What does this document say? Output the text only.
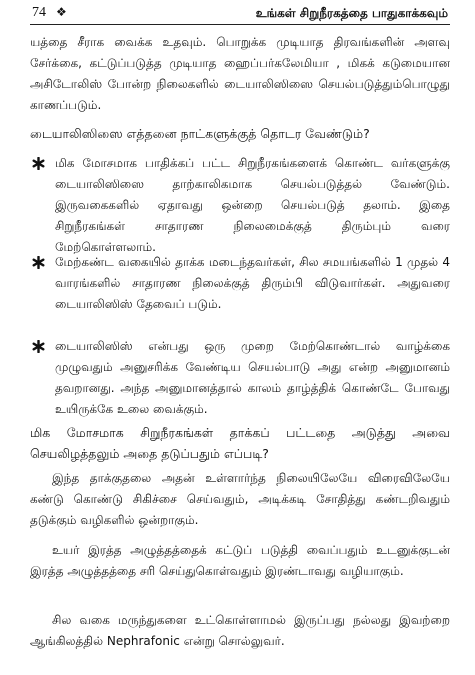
74 ❖	உங்கள் சிறுநீரகத்தை பாதுகாக்கவும்
யத்தை சீராக வைக்க உதவும். பொறுக்க முடியாத திரவங்களின் அளவு சேர்க்கை, கட்டுப்படுத்த முடியாத ஹைப்பர்கலேமியா , மிகக் கடுமையான அசிடோலிஸ் போன்ற நிலைகளில் டையாலிஸிஸை செயல்படுத்தும்பொழுது காணப்படும்.
டையாலிஸிஸை எத்தனை நாட்களுக்குத் தொடர வேண்டும்?
மிக மோசமாக பாதிக்கப் பட்ட சிறுநீரகங்களைக் கொண்ட வர்களுக்கு டையாலிஸிஸை தாற்காலிகமாக செயல்படுத்தல் வேண்டும். இருவகைகளில் ஏதாவது ஒன்றை செயல்படுத் தலாம். இதை சிறுநீரகங்கள் சாதாரண நிலைமைக்குத் திரும்பும் வரை மேற்கொள்ளலாம்.
மேற்கண்ட வகையில் தாக்க மடைந்தவர்கள், சில சமயங்களில் 1 முதல் 4 வாரங்களில் சாதாரண நிலைக்குத் திரும்பி விடுவார்கள். அதுவரை டையாலிஸிஸ் தேவைப் படும்.
டையாலிஸிஸ் என்பது ஒரு முறை மேற்கொண்டால் வாழ்க்கை முழுவதும் அனுசரிக்க வேண்டிய செயல்பாடு அது என்ற அனுமானம் தவறானது. அந்த அனுமானத்தால் காலம் தாழ்த்திக் கொண்டே போவது உயிருக்கே உலை வைக்கும்.
மிக மோசமாக சிறுநீரகங்கள் தாக்கப் பட்டதை அடுத்து அவை செயலிழத்தலும் அதை தடுப்பதும் எப்படி?
இந்த தாக்குதலை அதன் உள்ளார்ந்த நிலையிலேயே விரைவிலேயே கண்டு கொண்டு சிகிச்சை செய்வதும், அடிக்கடி சோதித்து கண்டறிவதும் தடுக்கும் வழிகளில் ஒன்றாகும்.
உயர் இரத்த அழுத்தத்தைக் கட்டுப் படுத்தி வைப்பதும் உடனுக்குடன் இரத்த அழுத்தத்தை சரி செய்துகொள்வதும் இரண்டாவது வழியாகும்.
சில வகை மருந்துகளை உட்கொள்ளாமல் இருப்பது நல்லது இவற்றை ஆங்கிலத்தில் Nephrafonic என்று சொல்லுவர்.
